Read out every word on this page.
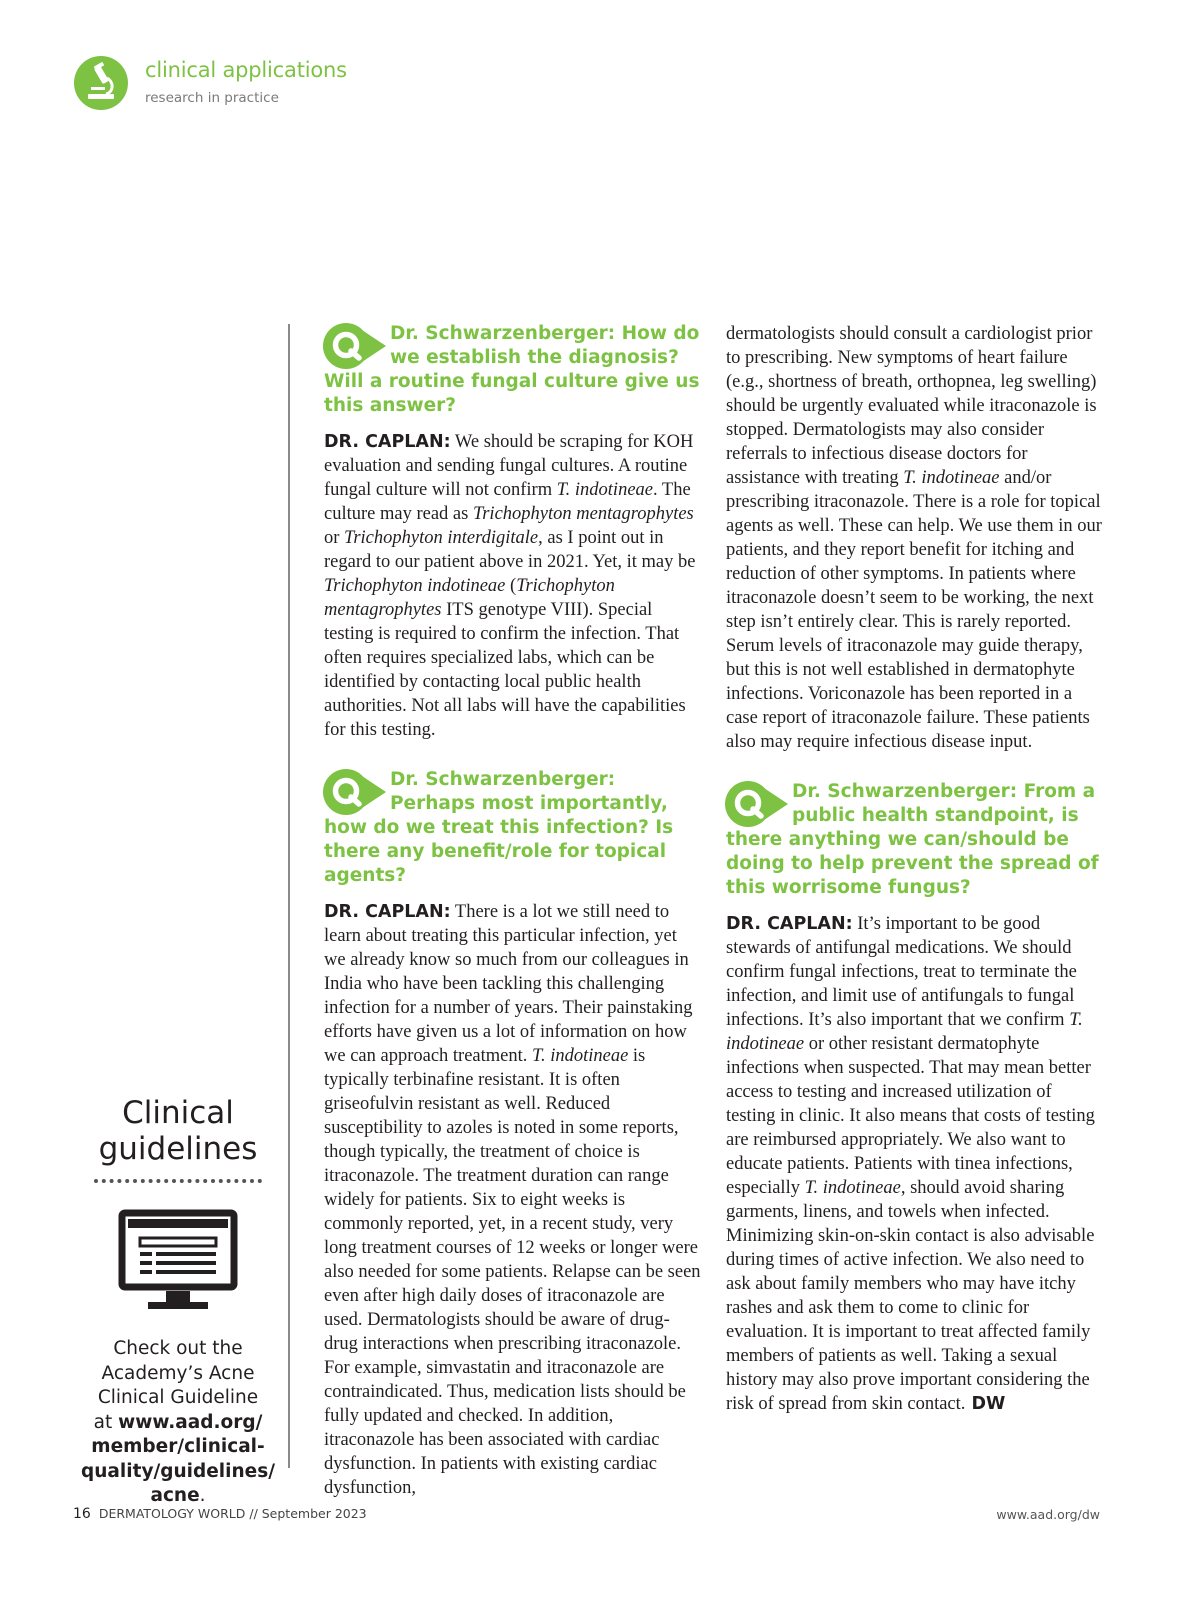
clinical applications
research in practice

Clinical
guidelines

Check out the
Academy’s Acne
Clinical Guideline
at www.aad.org/
member/clinical-
quality/guidelines/
acne.

Dr. Schwarzenberger: How do we establish the diagnosis? Will a routine fungal culture give us this answer?

DR. CAPLAN: We should be scraping for KOH evaluation and sending fungal cultures. A routine fungal culture will not confirm T. indotineae. The culture may read as Trichophyton mentagrophytes or Trichophyton interdigitale, as I point out in regard to our patient above in 2021. Yet, it may be Trichophyton indotineae (Trichophyton mentagrophytes ITS genotype VIII). Special testing is required to confirm the infection. That often requires specialized labs, which can be identified by contacting local public health authorities. Not all labs will have the capabilities for this testing.

Dr. Schwarzenberger: Perhaps most importantly, how do we treat this infection? Is there any benefit/role for topical agents?

DR. CAPLAN: There is a lot we still need to learn about treating this particular infection, yet we already know so much from our colleagues in India who have been tackling this challenging infection for a number of years. Their painstaking efforts have given us a lot of information on how we can approach treatment. T. indotineae is typically terbinafine resistant. It is often griseofulvin resistant as well. Reduced susceptibility to azoles is noted in some reports, though typically, the treatment of choice is itraconazole. The treatment duration can range widely for patients. Six to eight weeks is commonly reported, yet, in a recent study, very long treatment courses of 12 weeks or longer were also needed for some patients. Relapse can be seen even after high daily doses of itraconazole are used. Dermatologists should be aware of drug-drug interactions when prescribing itraconazole. For example, simvastatin and itraconazole are contraindicated. Thus, medication lists should be fully updated and checked. In addition, itraconazole has been associated with cardiac dysfunction. In patients with existing cardiac dysfunction,

dermatologists should consult a cardiologist prior to prescribing. New symptoms of heart failure (e.g., shortness of breath, orthopnea, leg swelling) should be urgently evaluated while itraconazole is stopped. Dermatologists may also consider referrals to infectious disease doctors for assistance with treating T. indotineae and/or prescribing itraconazole. There is a role for topical agents as well. These can help. We use them in our patients, and they report benefit for itching and reduction of other symptoms. In patients where itraconazole doesn’t seem to be working, the next step isn’t entirely clear. This is rarely reported. Serum levels of itraconazole may guide therapy, but this is not well established in dermatophyte infections. Voriconazole has been reported in a case report of itraconazole failure. These patients also may require infectious disease input.

Dr. Schwarzenberger: From a public health standpoint, is there anything we can/should be doing to help prevent the spread of this worrisome fungus?

DR. CAPLAN: It’s important to be good stewards of antifungal medications. We should confirm fungal infections, treat to terminate the infection, and limit use of antifungals to fungal infections. It’s also important that we confirm T. indotineae or other resistant dermatophyte infections when suspected. That may mean better access to testing and increased utilization of testing in clinic. It also means that costs of testing are reimbursed appropriately. We also want to educate patients. Patients with tinea infections, especially T. indotineae, should avoid sharing garments, linens, and towels when infected. Minimizing skin-on-skin contact is also advisable during times of active infection. We also need to ask about family members who may have itchy rashes and ask them to come to clinic for evaluation. It is important to treat affected family members of patients as well. Taking a sexual history may also prove important considering the risk of spread from skin contact. DW

16 DERMATOLOGY WORLD // September 2023	www.aad.org/dw
